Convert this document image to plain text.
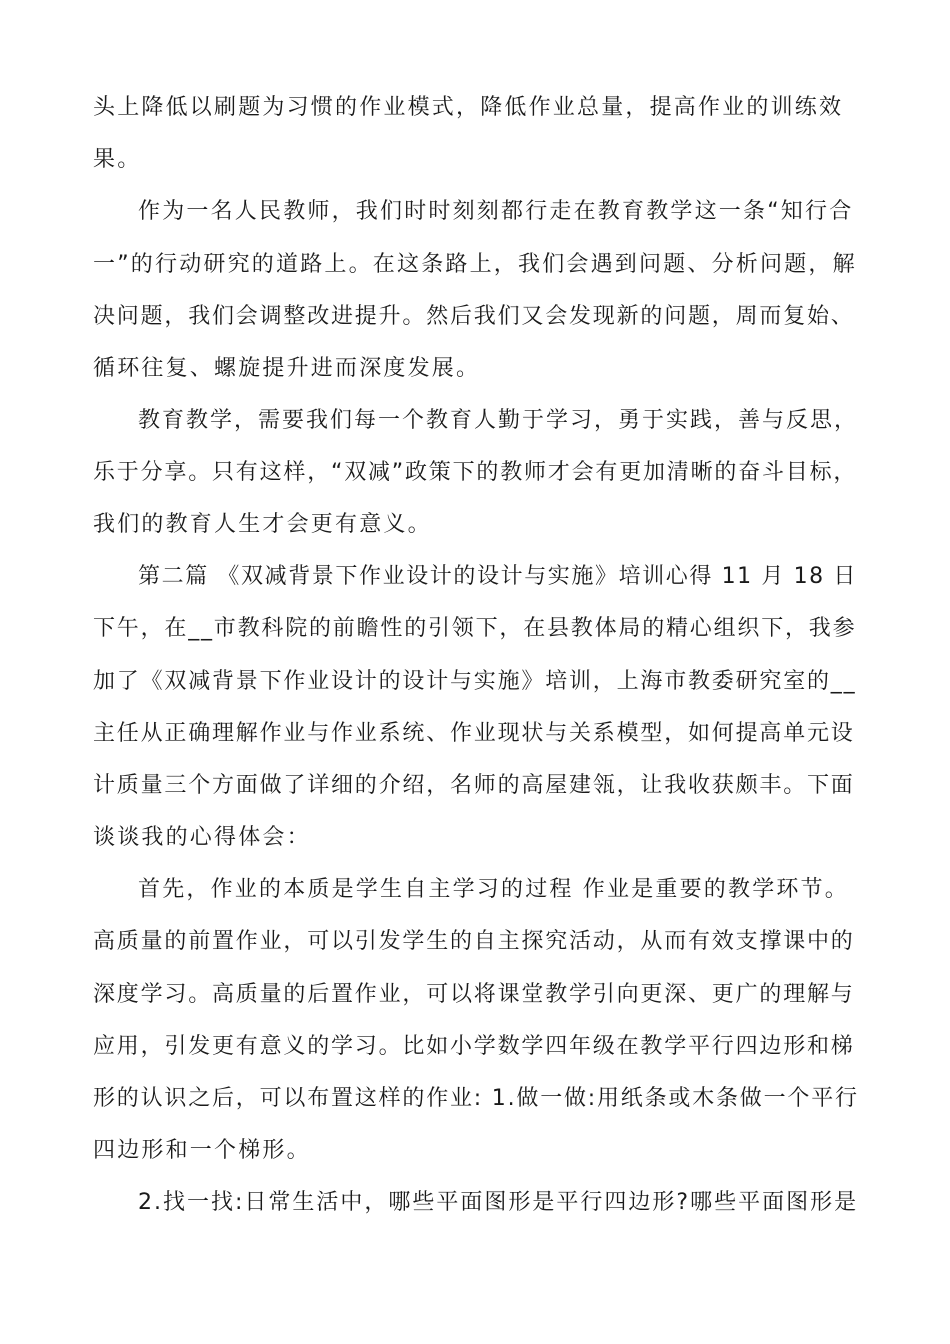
头上降低以刷题为习惯的作业模式，降低作业总量，提高作业的训练效
果。
作为一名人民教师，我们时时刻刻都行走在教育教学这一条“知行合
一”的行动研究的道路上。在这条路上，我们会遇到问题、分析问题，解
决问题，我们会调整改进提升。然后我们又会发现新的问题，周而复始、
循环往复、螺旋提升进而深度发展。
教育教学，需要我们每一个教育人勤于学习，勇于实践，善与反思，
乐于分享。只有这样，“双减”政策下的教师才会有更加清晰的奋斗目标，
我们的教育人生才会更有意义。
第二篇 《双减背景下作业设计的设计与实施》培训心得 11 月 18 日
下午，在__市教科院的前瞻性的引领下，在县教体局的精心组织下，我参
加了《双减背景下作业设计的设计与实施》培训，上海市教委研究室的__
主任从正确理解作业与作业系统、作业现状与关系模型，如何提高单元设
计质量三个方面做了详细的介绍，名师的高屋建瓴，让我收获颇丰。下面
谈谈我的心得体会：
首先，作业的本质是学生自主学习的过程 作业是重要的教学环节。
高质量的前置作业，可以引发学生的自主探究活动，从而有效支撑课中的
深度学习。高质量的后置作业，可以将课堂教学引向更深、更广的理解与
应用，引发更有意义的学习。比如小学数学四年级在教学平行四边形和梯
形的认识之后，可以布置这样的作业: 1.做一做:用纸条或木条做一个平行
四边形和一个梯形。
2.找一找:日常生活中，哪些平面图形是平行四边形?哪些平面图形是
